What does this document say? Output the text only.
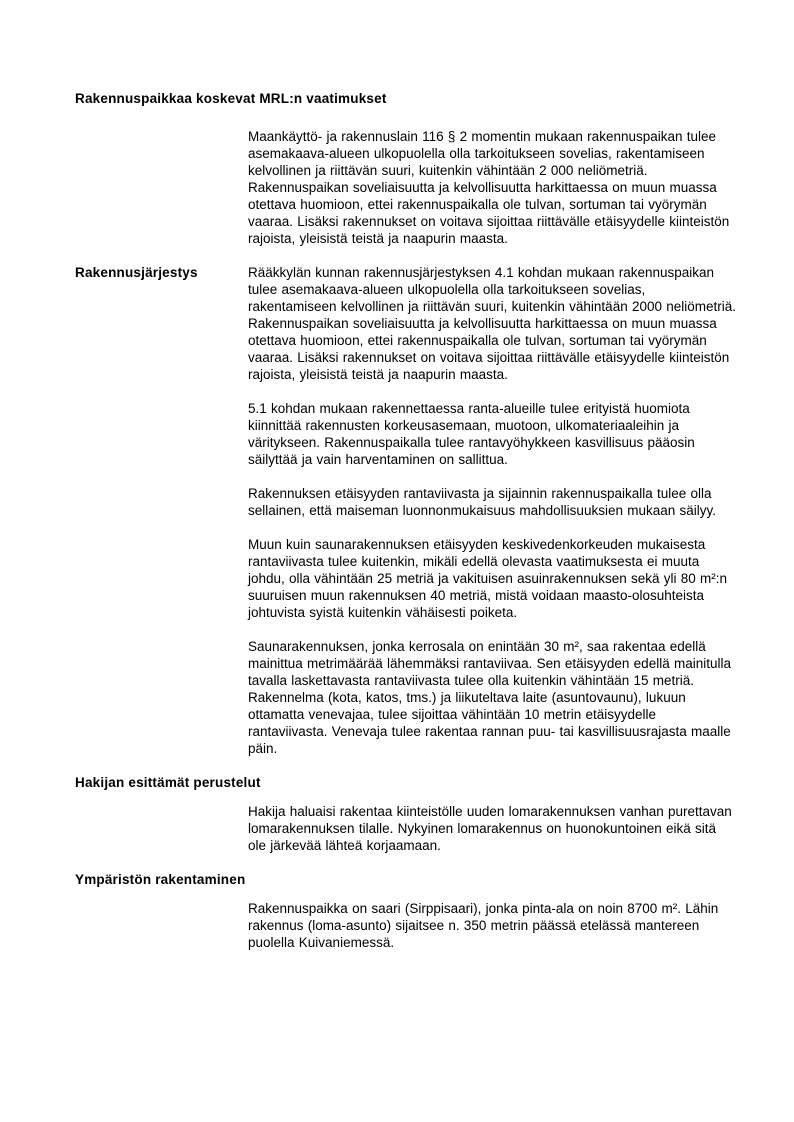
Rakennuspaikkaa koskevat MRL:n vaatimukset

Maankäyttö- ja rakennuslain 116 § 2 momentin mukaan rakennuspaikan tulee asemakaava-alueen ulkopuolella olla tarkoitukseen sovelias, rakentamiseen kelvollinen ja riittävän suuri, kuitenkin vähintään 2 000 neliömetriä. Rakennuspaikan soveliaisuutta ja kelvollisuutta harkittaessa on muun muassa otettava huomioon, ettei rakennuspaikalla ole tulvan, sortuman tai vyörymän vaaraa. Lisäksi rakennukset on voitava sijoittaa riittävälle etäisyydelle kiinteistön rajoista, yleisistä teistä ja naapurin maasta.

Rakennusjärjestys	Rääkkylän kunnan rakennusjärjestyksen 4.1 kohdan mukaan rakennuspaikan tulee asemakaava-alueen ulkopuolella olla tarkoitukseen sovelias, rakentamiseen kelvollinen ja riittävän suuri, kuitenkin vähintään 2000 neliömetriä. Rakennuspaikan soveliaisuutta ja kelvollisuutta harkittaessa on muun muassa otettava huomioon, ettei rakennuspaikalla ole tulvan, sortuman tai vyörymän vaaraa. Lisäksi rakennukset on voitava sijoittaa riittävälle etäisyydelle kiinteistön rajoista, yleisistä teistä ja naapurin maasta.

5.1 kohdan mukaan rakennettaessa ranta-alueille tulee erityistä huomiota kiinnittää rakennusten korkeusasemaan, muotoon, ulkomateriaaleihin ja väritykseen. Rakennuspaikalla tulee rantavyöhykkeen kasvillisuus pääosin säilyttää ja vain harventaminen on sallittua.

Rakennuksen etäisyyden rantaviivasta ja sijainnin rakennuspaikalla tulee olla sellainen, että maiseman luonnonmukaisuus mahdollisuuksien mukaan säilyy.

Muun kuin saunarakennuksen etäisyyden keskivedenkorkeuden mukaisesta rantaviivasta tulee kuitenkin, mikäli edellä olevasta vaatimuksesta ei muuta johdu, olla vähintään 25 metriä ja vakituisen asuinrakennuksen sekä yli 80 m²:n suuruisen muun rakennuksen 40 metriä, mistä voidaan maasto-olosuhteista johtuvista syistä kuitenkin vähäisesti poiketa.

Saunarakennuksen, jonka kerrosala on enintään 30 m², saa rakentaa edellä mainittua metrimäärää lähemmäksi rantaviivaa. Sen etäisyyden edellä mainitulla tavalla laskettavasta rantaviivasta tulee olla kuitenkin vähintään 15 metriä. Rakennelma (kota, katos, tms.) ja liikuteltava laite (asuntovaunu), lukuun ottamatta venevajaa, tulee sijoittaa vähintään 10 metrin etäisyydelle rantaviivasta. Venevaja tulee rakentaa rannan puu- tai kasvillisuusrajasta maalle päin.

Hakijan esittämät perustelut

Hakija haluaisi rakentaa kiinteistölle uuden lomarakennuksen vanhan purettavan lomarakennuksen tilalle. Nykyinen lomarakennus on huonokuntoinen eikä sitä ole järkevää lähteä korjaamaan.

Ympäristön rakentaminen

Rakennuspaikka on saari (Sirppisaari), jonka pinta-ala on noin 8700 m². Lähin rakennus (loma-asunto) sijaitsee n. 350 metrin päässä etelässä mantereen puolella Kuivaniemessä.
